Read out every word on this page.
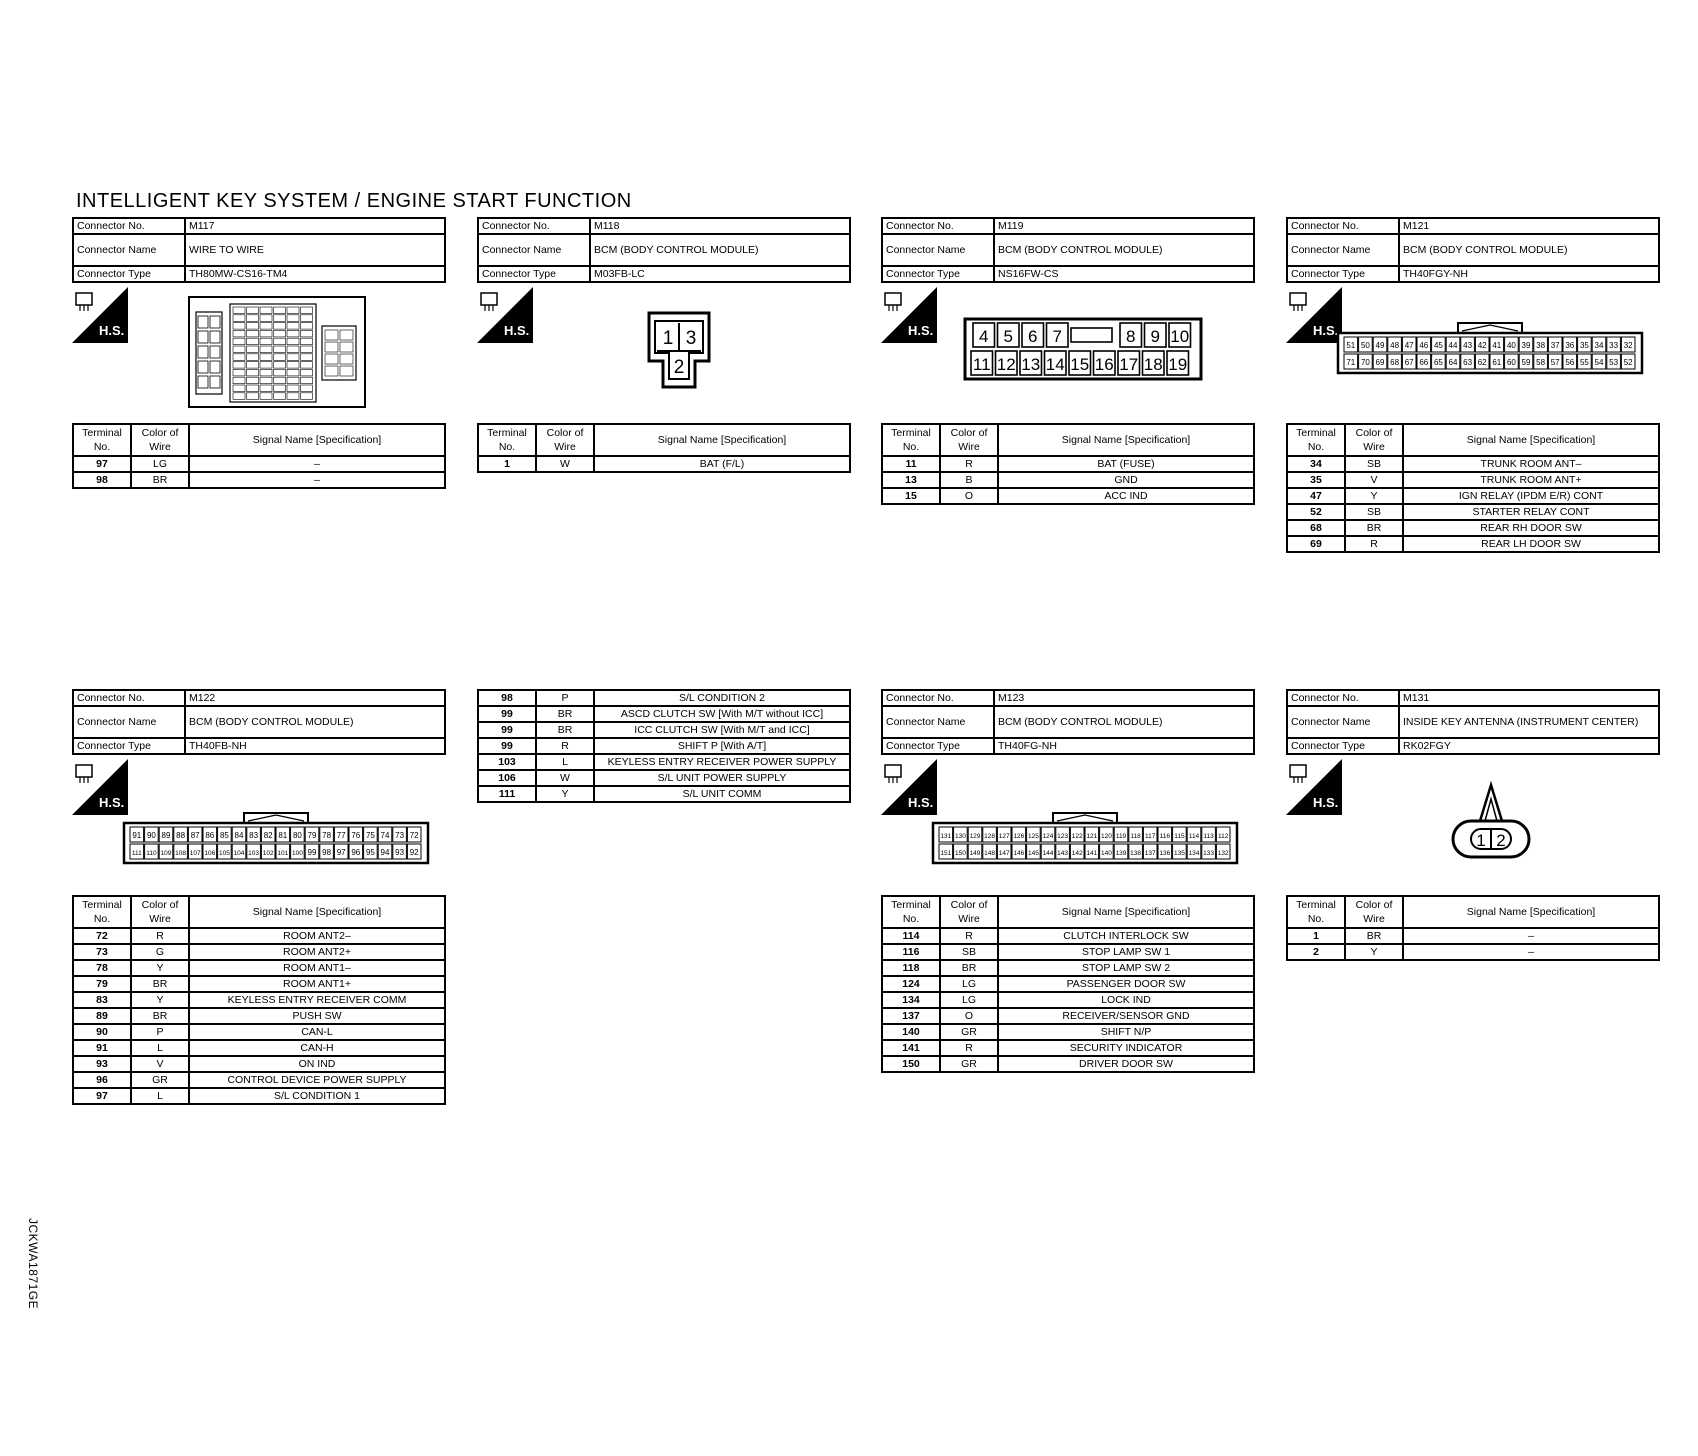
INTELLIGENT KEY SYSTEM / ENGINE START FUNCTION
Connector No.	M117
Connector Name	WIRE TO WIRE
Connector Type	TH80MW-CS16-TM4
H.S.
Terminal No.	Color of Wire	Signal Name [Specification]
97	LG	–
98	BR	–
Connector No.	M118
Connector Name	BCM (BODY CONTROL MODULE)
Connector Type	M03FB-LC
H.S.	1 3
2
Terminal No.	Color of Wire	Signal Name [Specification]
1	W	BAT (F/L)
Connector No.	M119
Connector Name	BCM (BODY CONTROL MODULE)
Connector Type	NS16FW-CS
H.S.	4 5 6 7	8 9 10
11 12 13 14 15 16 17 18 19
Terminal No.	Color of Wire	Signal Name [Specification]
11	R	BAT (FUSE)
13	B	GND
15	O	ACC IND
Connector No.	M121
Connector Name	BCM (BODY CONTROL MODULE)
Connector Type	TH40FGY-NH
H.S.
51 50 49 48 47 46 45 44 43 42 41 40 39 38 37 36 35 34 33 32
71 70 69 68 67 66 65 64 63 62 61 60 59 58 57 56 55 54 53 52
Terminal No.	Color of Wire	Signal Name [Specification]
34	SB	TRUNK ROOM ANT–
35	V	TRUNK ROOM ANT+
47	Y	IGN RELAY (IPDM E/R) CONT
52	SB	STARTER RELAY CONT
68	BR	REAR RH DOOR SW
69	R	REAR LH DOOR SW
Connector No.	M122
Connector Name	BCM (BODY CONTROL MODULE)
Connector Type	TH40FB-NH
H.S.
91 90 89 88 87 86 85 84 83 82 81 80 79 78 77 76 75 74 73 72
111 110 109 108 107 106 105 104 103 102 101 100 99 98 97 96 95 94 93 92
Terminal No.	Color of Wire	Signal Name [Specification]
72	R	ROOM ANT2–
73	G	ROOM ANT2+
78	Y	ROOM ANT1–
79	BR	ROOM ANT1+
83	Y	KEYLESS ENTRY RECEIVER COMM
89	BR	PUSH SW
90	P	CAN-L
91	L	CAN-H
93	V	ON IND
96	GR	CONTROL DEVICE POWER SUPPLY
97	L	S/L CONDITION 1
98	P	S/L CONDITION 2
99	BR	ASCD CLUTCH SW [With M/T without ICC]
99	BR	ICC CLUTCH SW [With M/T and ICC]
99	R	SHIFT P [With A/T]
103	L	KEYLESS ENTRY RECEIVER POWER SUPPLY
106	W	S/L UNIT POWER SUPPLY
111	Y	S/L UNIT COMM
Connector No.	M123
Connector Name	BCM (BODY CONTROL MODULE)
Connector Type	TH40FG-NH
H.S.
131 130 129 128 127 126 125 124 123 122 121 120 119 118 117 116 115 114 113 112
151 150 149 148 147 146 145 144 143 142 141 140 139 138 137 136 135 134 133 132
Terminal No.	Color of Wire	Signal Name [Specification]
114	R	CLUTCH INTERLOCK SW
116	SB	STOP LAMP SW 1
118	BR	STOP LAMP SW 2
124	LG	PASSENGER DOOR SW
134	LG	LOCK IND
137	O	RECEIVER/SENSOR GND
140	GR	SHIFT N/P
141	R	SECURITY INDICATOR
150	GR	DRIVER DOOR SW
Connector No.	M131
Connector Name	INSIDE KEY ANTENNA (INSTRUMENT CENTER)
Connector Type	RK02FGY
H.S.
1 2
Terminal No.	Color of Wire	Signal Name [Specification]
1	BR	–
2	Y	–
JCKWA1871GE
